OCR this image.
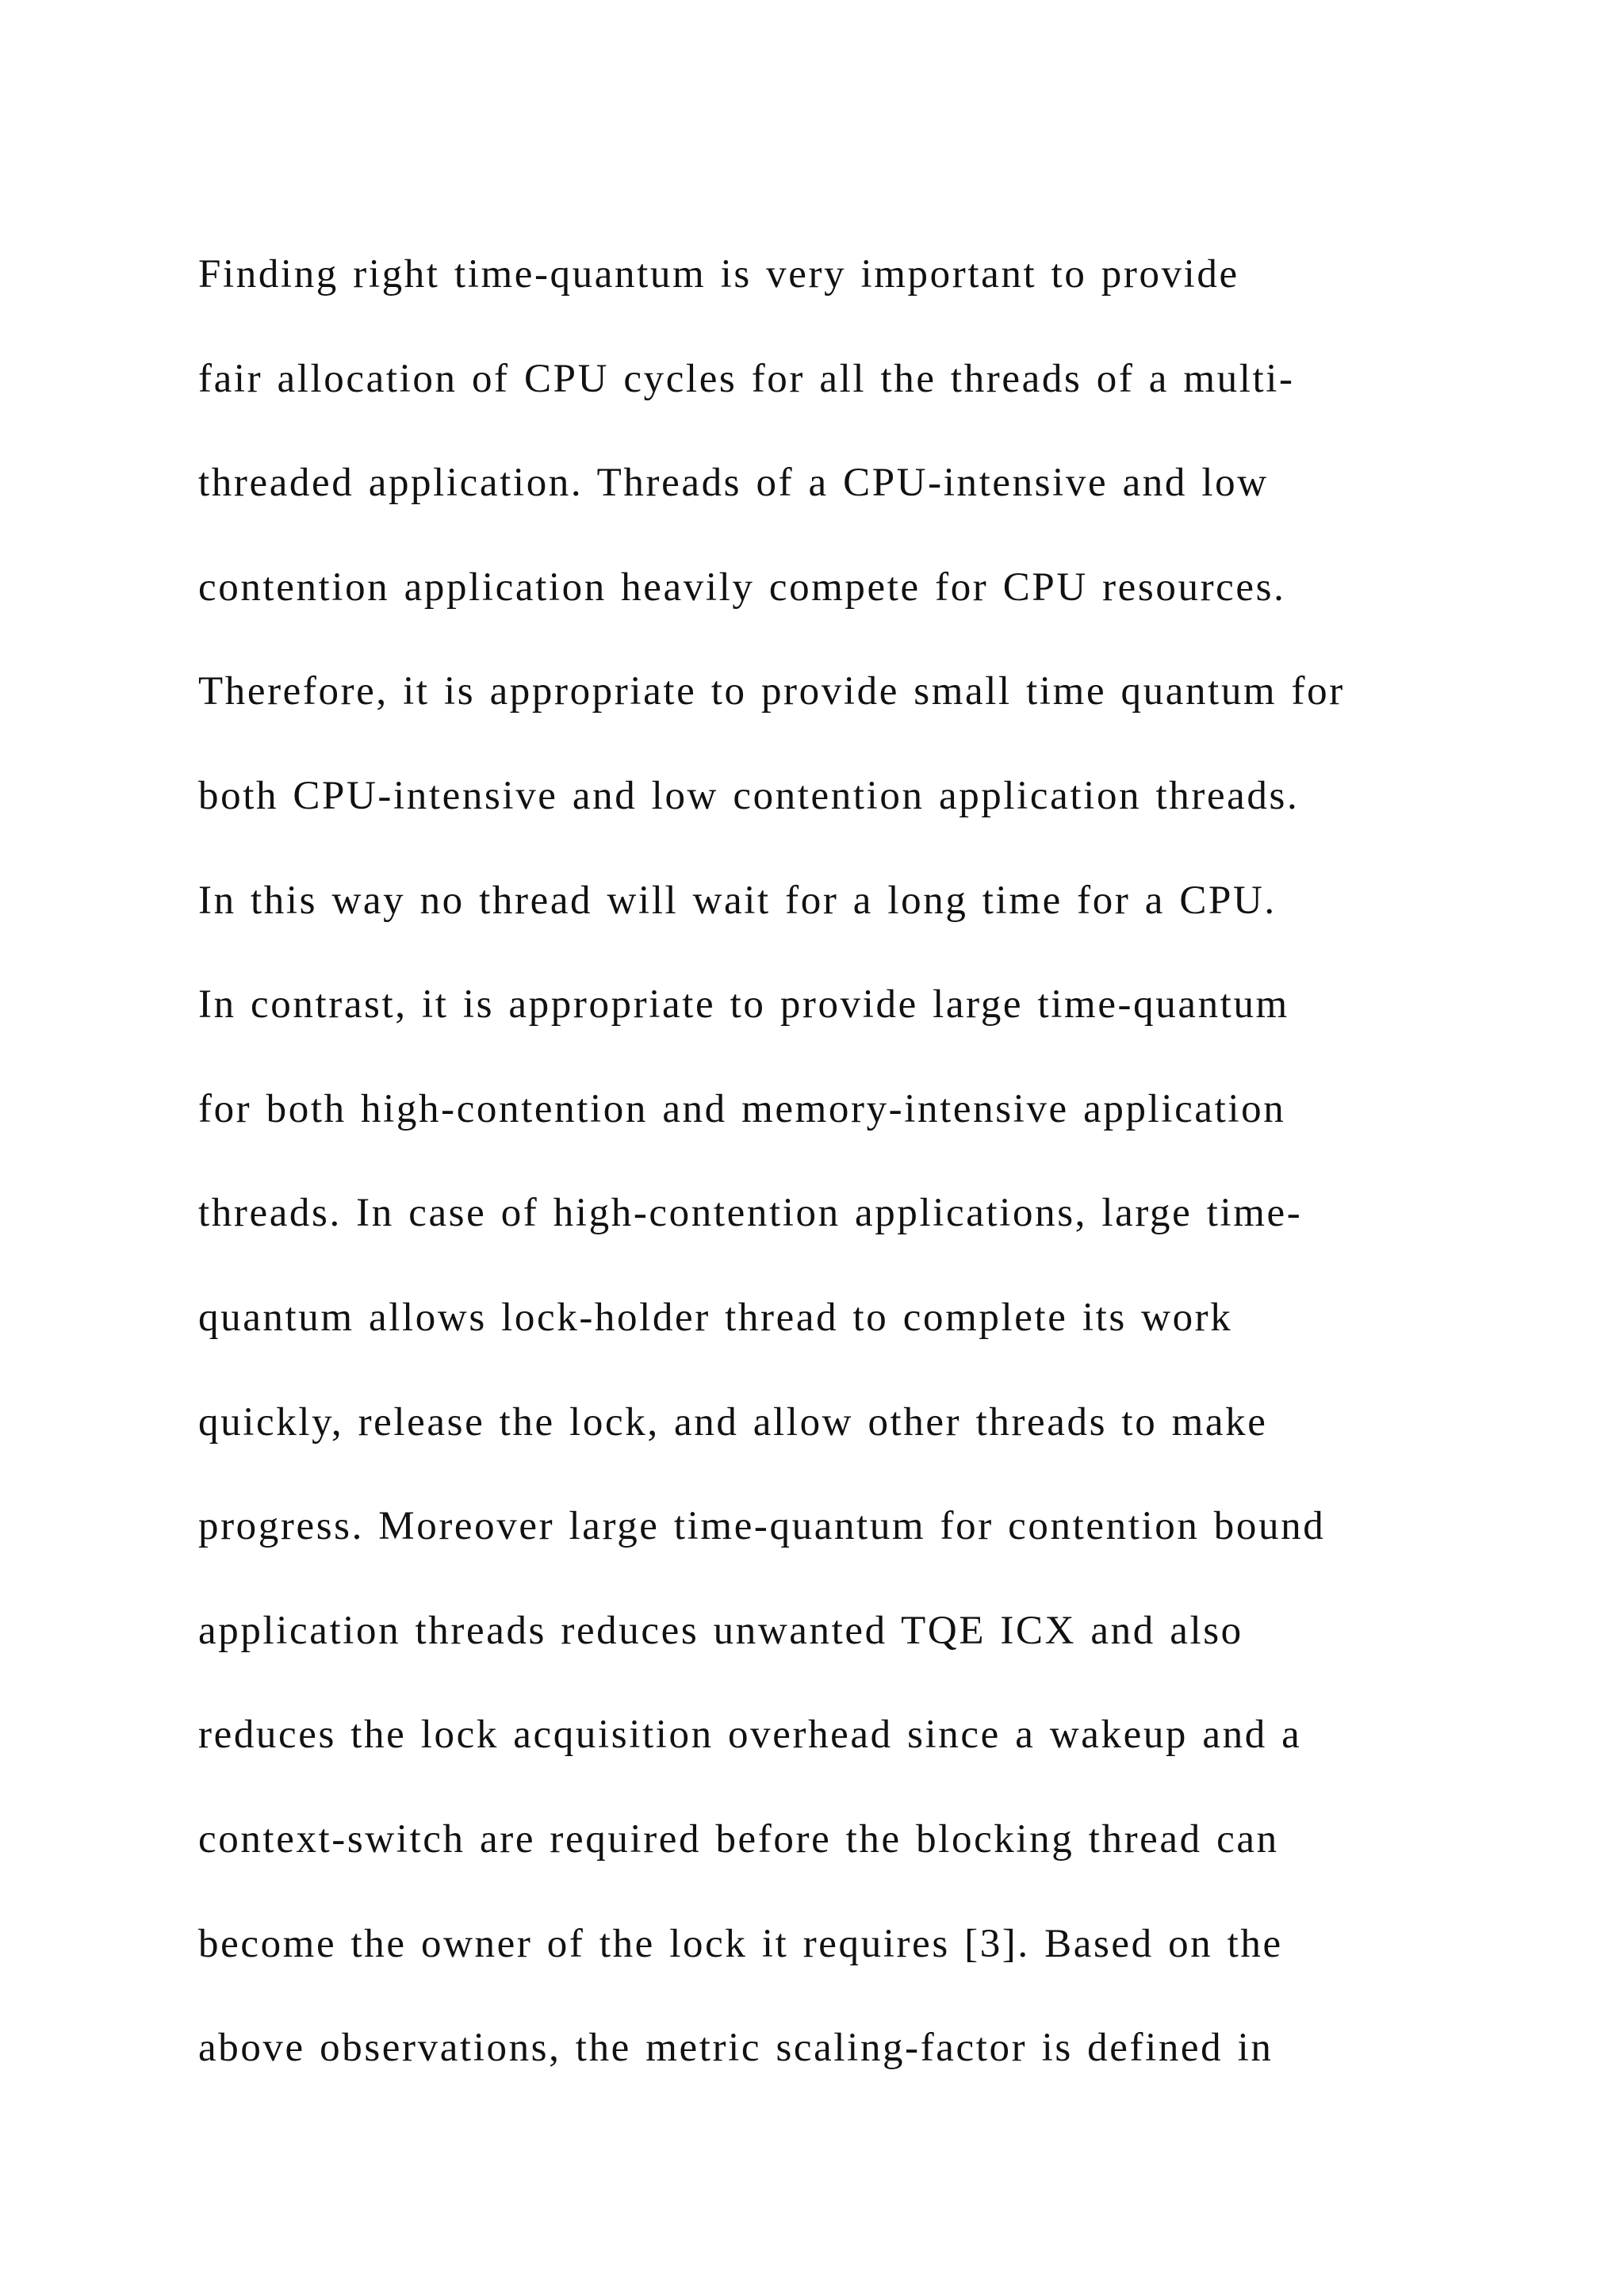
Finding right time-quantum is very important to provide
fair allocation of CPU cycles for all the threads of a multi-
threaded application. Threads of a CPU-intensive and low
contention application heavily compete for CPU resources.
Therefore, it is appropriate to provide small time quantum for
both CPU-intensive and low contention application threads.
In this way no thread will wait for a long time for a CPU.
In contrast, it is appropriate to provide large time-quantum
for both high-contention and memory-intensive application
threads. In case of high-contention applications, large time-
quantum allows lock-holder thread to complete its work
quickly, release the lock, and allow other threads to make
progress. Moreover large time-quantum for contention bound
application threads reduces unwanted TQE ICX and also
reduces the lock acquisition overhead since a wakeup and a
context-switch are required before the blocking thread can
become the owner of the lock it requires [3]. Based on the
above observations, the metric scaling-factor is defined in
